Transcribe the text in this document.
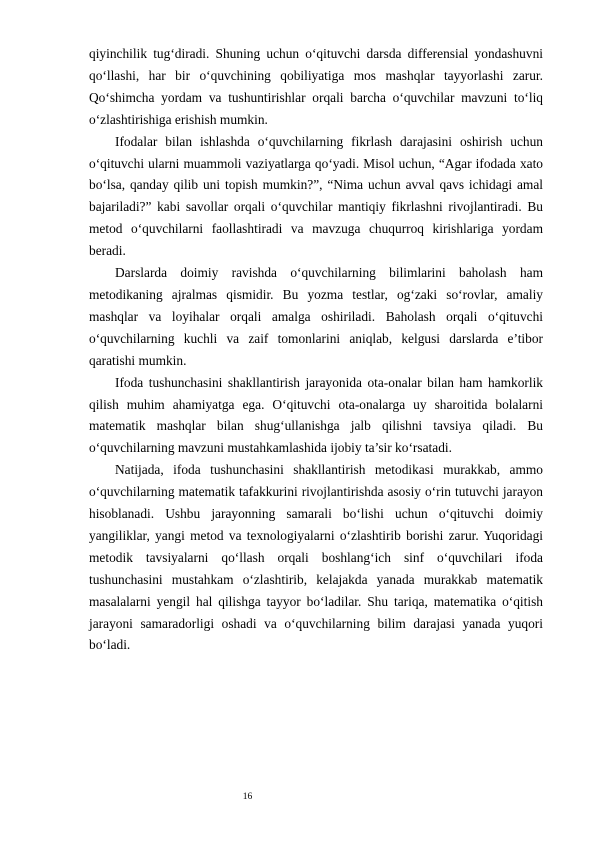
qiyinchilik tug‘diradi. Shuning uchun o‘qituvchi darsda differensial yondashuvni qo‘llashi, har bir o‘quvchining qobiliyatiga mos mashqlar tayyorlashi zarur. Qo‘shimcha yordam va tushuntirishlar orqali barcha o‘quvchilar mavzuni to‘liq o‘zlashtirishiga erishish mumkin.

Ifodalar bilan ishlashda o‘quvchilarning fikrlash darajasini oshirish uchun o‘qituvchi ularni muammoli vaziyatlarga qo‘yadi. Misol uchun, “Agar ifodada xato bo‘lsa, qanday qilib uni topish mumkin?”, “Nima uchun avval qavs ichidagi amal bajariladi?” kabi savollar orqali o‘quvchilar mantiqiy fikrlashni rivojlantiradi. Bu metod o‘quvchilarni faollashtiradi va mavzuga chuqurroq kirishlariga yordam beradi.

Darslarda doimiy ravishda o‘quvchilarning bilimlarini baholash ham metodikaning ajralmas qismidir. Bu yozma testlar, og‘zaki so‘rovlar, amaliy mashqlar va loyihalar orqali amalga oshiriladi. Baholash orqali o‘qituvchi o‘quvchilarning kuchli va zaif tomonlarini aniqlab, kelgusi darslarda e’tibor qaratishi mumkin.

Ifoda tushunchasini shakllantirish jarayonida ota-onalar bilan ham hamkorlik qilish muhim ahamiyatga ega. O‘qituvchi ota-onalarga uy sharoitida bolalarni matematik mashqlar bilan shug‘ullanishga jalb qilishni tavsiya qiladi. Bu o‘quvchilarning mavzuni mustahkamlashida ijobiy ta’sir ko‘rsatadi.

Natijada, ifoda tushunchasini shakllantirish metodikasi murakkab, ammo o‘quvchilarning matematik tafakkurini rivojlantirishda asosiy o‘rin tutuvchi jarayon hisoblanadi. Ushbu jarayonning samarali bo‘lishi uchun o‘qituvchi doimiy yangiliklar, yangi metod va texnologiyalarni o‘zlashtirib borishi zarur. Yuqoridagi metodik tavsiyalarni qo‘llash orqali boshlang‘ich sinf o‘quvchilari ifoda tushunchasini mustahkam o‘zlashtirib, kelajakda yanada murakkab matematik masalalarni yengil hal qilishga tayyor bo‘ladilar. Shu tariqa, matematika o‘qitish jarayoni samaradorligi oshadi va o‘quvchilarning bilim darajasi yanada yuqori bo‘ladi.

16
